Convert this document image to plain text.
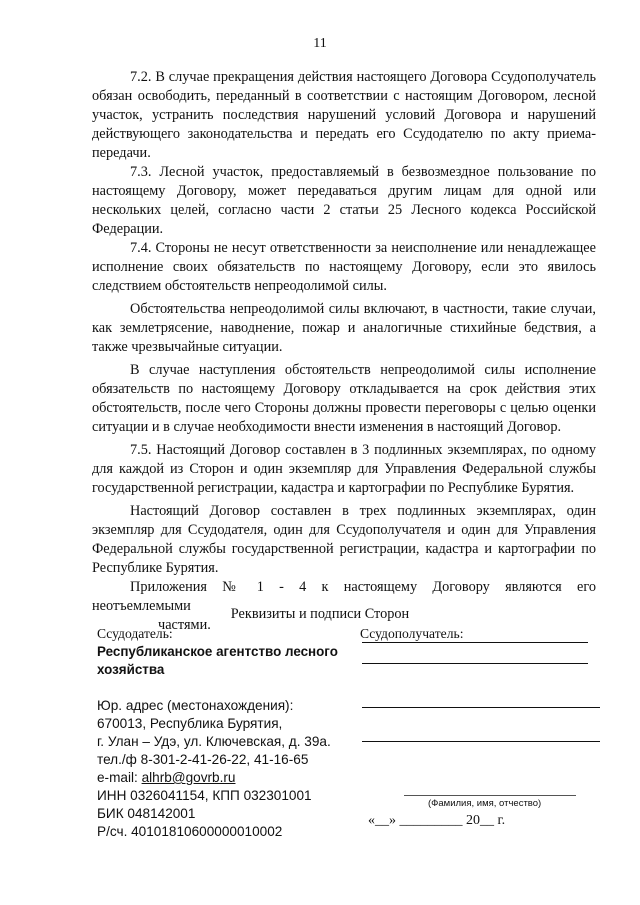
11

7.2. В случае прекращения действия настоящего Договора Ссудополучатель обязан освободить, переданный в соответствии с настоящим Договором, лесной участок, устранить последствия нарушений условий Договора и нарушений действующего законодательства и передать его Ссудодателю по акту приема-передачи.

7.3. Лесной участок, предоставляемый в безвозмездное пользование по настоящему Договору, может передаваться другим лицам для одной или нескольких целей, согласно части 2 статьи 25 Лесного кодекса Российской Федерации.

7.4. Стороны не несут ответственности за неисполнение или ненадлежащее исполнение своих обязательств по настоящему Договору, если это явилось следствием обстоятельств непреодолимой силы.

Обстоятельства непреодолимой силы включают, в частности, такие случаи, как землетрясение, наводнение, пожар и аналогичные стихийные бедствия, а также чрезвычайные ситуации.

В случае наступления обстоятельств непреодолимой силы исполнение обязательств по настоящему Договору откладывается на срок действия этих обстоятельств, после чего Стороны должны провести переговоры с целью оценки ситуации и в случае необходимости внести изменения в настоящий Договор.

7.5. Настоящий Договор составлен в 3 подлинных экземплярах, по одному для каждой из Сторон и один экземпляр для Управления Федеральной службы государственной регистрации, кадастра и картографии по Республике Бурятия.

Настоящий Договор составлен в трех подлинных экземплярах, один экземпляр для Ссудодателя, один для Ссудополучателя и один для Управления Федеральной службы государственной регистрации, кадастра и картографии по Республике Бурятия.

Приложения № 1 - 4 к настоящему Договору являются его неотъемлемыми

частями.

Реквизиты и подписи Сторон
Ссудодатель:
Республиканское агентство лесного
хозяйства
Юр. адрес (местонахождения):
670013, Республика Бурятия,
г. Улан – Удэ, ул. Ключевская, д. 39а.
тел./ф 8-301-2-41-26-22, 41-16-65
e-mail: alhrb@govrb.ru
ИНН 0326041154, КПП 032301001
БИК 048142001
Р/сч. 40101810600000010002
Ссудополучатель:
(Фамилия, имя, отчество)
«__» _________ 20__ г.
